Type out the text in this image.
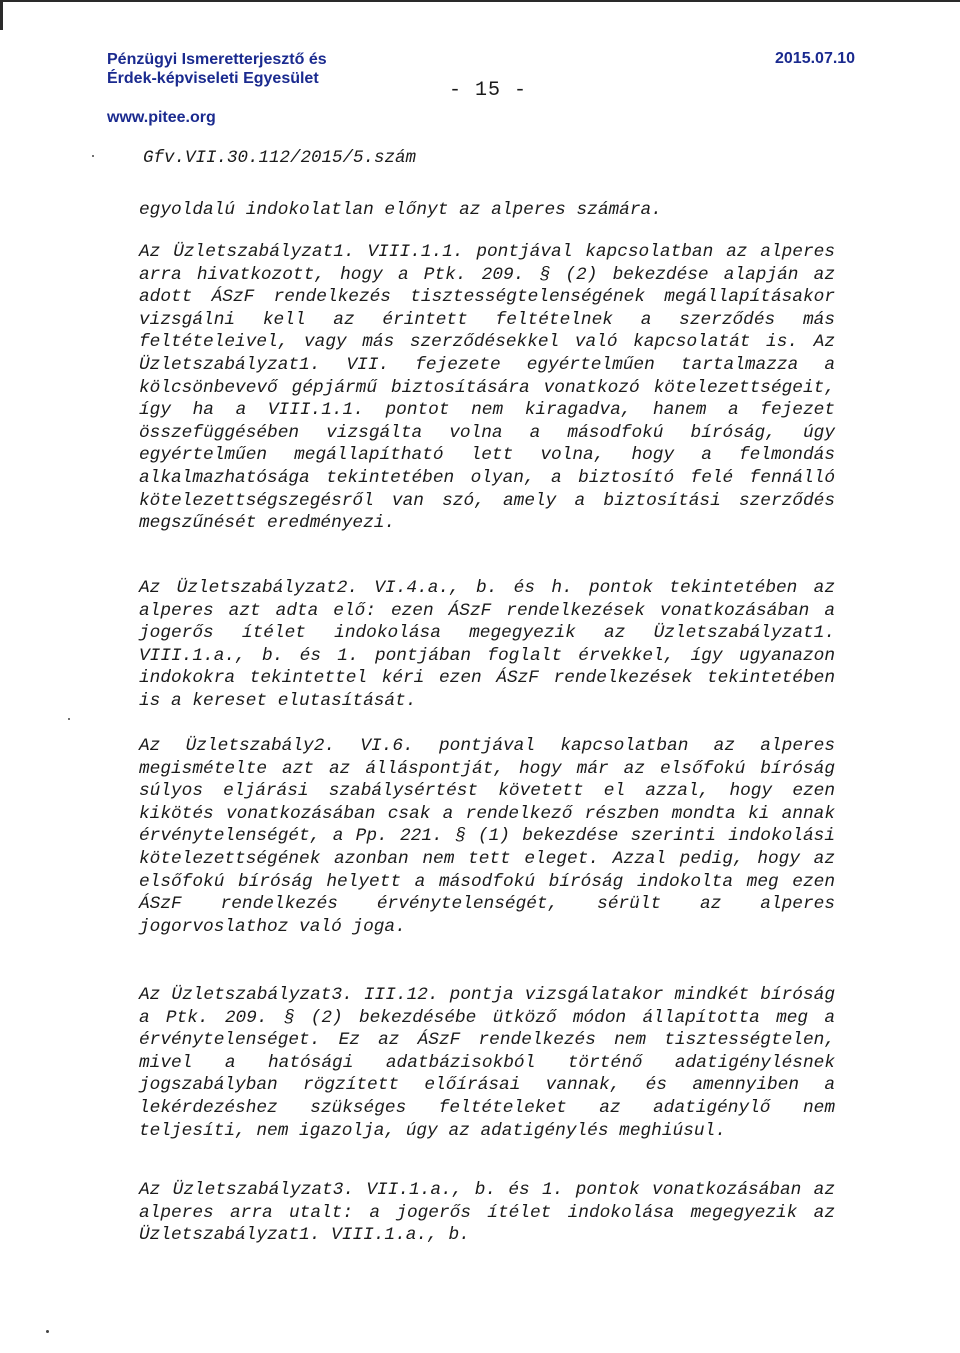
Pénzügyi Ismeretterjesztő és
Érdek-képviseleti Egyesület
www.pitee.org
2015.07.10
- 15 -
Gfv.VII.30.112/2015/5.szám

egyoldalú indokolatlan előnyt az alperes számára.

Az Üzletszabályzat1. VIII.1.1. pontjával kapcsolatban az alperes arra hivatkozott, hogy a Ptk. 209. § (2) bekezdése alapján az adott ÁSzF rendelkezés tisztességtelenségének megállapításakor vizsgálni kell az érintett feltételnek a szerződés más feltételeivel, vagy más szerződésekkel való kapcsolatát is. Az Üzletszabályzat1. VII. fejezete egyértelműen tartalmazza a kölcsönbevevő gépjármű biztosítására vonatkozó kötelezettségeit, így ha a VIII.1.1. pontot nem kiragadva, hanem a fejezet összefüggésében vizsgálta volna a másodfokú bíróság, úgy egyértelműen megállapítható lett volna, hogy a felmondás alkalmazhatósága tekintetében olyan, a biztosító felé fennálló kötelezettségszegésről van szó, amely a biztosítási szerződés megszűnését eredményezi.

Az Üzletszabályzat2. VI.4.a., b. és h. pontok tekintetében az alperes azt adta elő: ezen ÁSzF rendelkezések vonatkozásában a jogerős ítélet indokolása megegyezik az Üzletszabályzat1. VIII.1.a., b. és 1. pontjában foglalt érvekkel, így ugyanazon indokokra tekintettel kéri ezen ÁSzF rendelkezések tekintetében is a kereset elutasítását.

Az Üzletszabály2. VI.6. pontjával kapcsolatban az alperes megismételte azt az álláspontját, hogy már az elsőfokú bíróság súlyos eljárási szabálysértést követett el azzal, hogy ezen kikötés vonatkozásában csak a rendelkező részben mondta ki annak érvénytelenségét, a Pp. 221. § (1) bekezdése szerinti indokolási kötelezettségének azonban nem tett eleget. Azzal pedig, hogy az elsőfokú bíróság helyett a másodfokú bíróság indokolta meg ezen ÁSzF rendelkezés érvénytelenségét, sérült az alperes jogorvoslathoz való joga.

Az Üzletszabályzat3. III.12. pontja vizsgálatakor mindkét bíróság a Ptk. 209. § (2) bekezdésébe ütköző módon állapította meg a érvénytelenséget. Ez az ÁSzF rendelkezés nem tisztességtelen, mivel a hatósági adatbázisokból történő adatigénylésnek jogszabályban rögzített előírásai vannak, és amennyiben a lekérdezéshez szükséges feltételeket az adatigénylő nem teljesíti, nem igazolja, úgy az adatigénylés meghiúsul.

Az Üzletszabályzat3. VII.1.a., b. és 1. pontok vonatkozásában az alperes arra utalt: a jogerős ítélet indokolása megegyezik az Üzletszabályzat1. VIII.1.a., b.
